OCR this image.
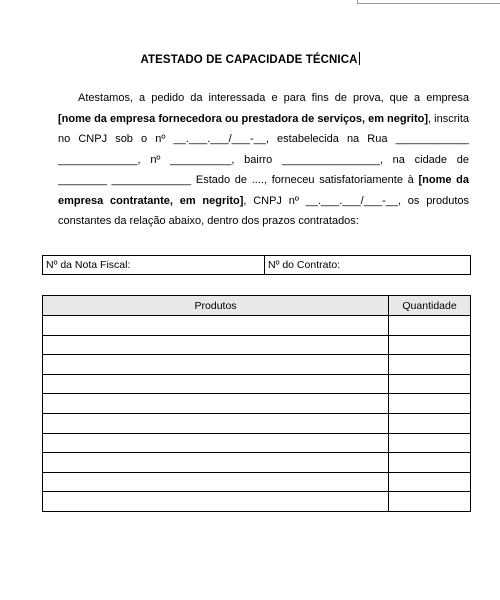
ATESTADO DE CAPACIDADE TÉCNICA

Atestamos, a pedido da interessada e para fins de prova, que a empresa [nome da empresa fornecedora ou prestadora de serviços, em negrito], inscrita no CNPJ sob o nº __.___.___/___-__, estabelecida na Rua ____________ _____________, nº __________, bairro ________________, na cidade de ________ _____________ Estado de ...., forneceu satisfatoriamente à [nome da empresa contratante, em negrito], CNPJ nº __.___.___/___-__, os produtos constantes da relação abaixo, dentro dos prazos contratados:

Nº da Nota Fiscal:	Nº do Contrato:
Produtos	Quantidade
